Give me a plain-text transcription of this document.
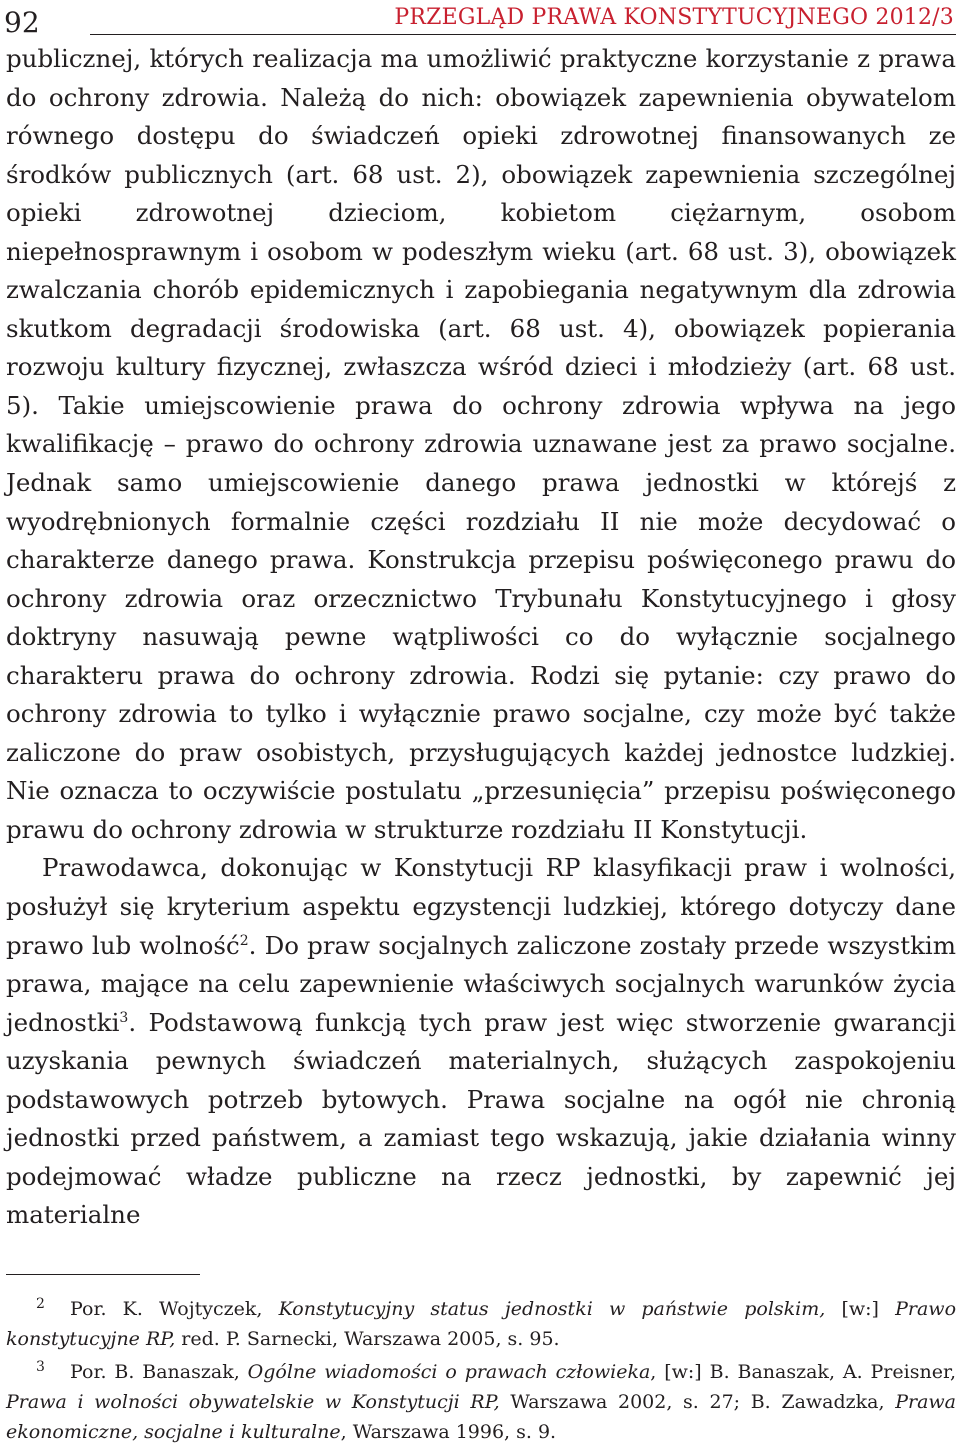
92	PRZEGLĄD PRAWA KONSTYTUCYJNEGO 2012/3

publicznej, których realizacja ma umożliwić praktyczne korzystanie z prawa do ochrony zdrowia. Należą do nich: obowiązek zapewnienia obywatelom równego dostępu do świadczeń opieki zdrowotnej finansowanych ze środków publicznych (art. 68 ust. 2), obowiązek zapewnienia szczególnej opieki zdrowotnej dzieciom, kobietom ciężarnym, osobom niepełnosprawnym i osobom w podeszłym wieku (art. 68 ust. 3), obowiązek zwalczania chorób epidemicznych i zapobiegania negatywnym dla zdrowia skutkom degradacji środowiska (art. 68 ust. 4), obowiązek popierania rozwoju kultury fizycznej, zwłaszcza wśród dzieci i młodzieży (art. 68 ust. 5). Takie umiejscowienie prawa do ochrony zdrowia wpływa na jego kwalifikację – prawo do ochrony zdrowia uznawane jest za prawo socjalne. Jednak samo umiejscowienie danego prawa jednostki w którejś z wyodrębnionych formalnie części rozdziału II nie może decydować o charakterze danego prawa. Konstrukcja przepisu poświęconego prawu do ochrony zdrowia oraz orzecznictwo Trybunału Konstytucyjnego i głosy doktryny nasuwają pewne wątpliwości co do wyłącznie socjalnego charakteru prawa do ochrony zdrowia. Rodzi się pytanie: czy prawo do ochrony zdrowia to tylko i wyłącznie prawo socjalne, czy może być także zaliczone do praw osobistych, przysługujących każdej jednostce ludzkiej. Nie oznacza to oczywiście postulatu „przesunięcia” przepisu poświęconego prawu do ochrony zdrowia w strukturze rozdziału II Konstytucji.

Prawodawca, dokonując w Konstytucji RP klasyfikacji praw i wolności, posłużył się kryterium aspektu egzystencji ludzkiej, którego dotyczy dane prawo lub wolność$^2$. Do praw socjalnych zaliczone zostały przede wszystkim prawa, mające na celu zapewnienie właściwych socjalnych warunków życia jednostki$^3$. Podstawową funkcją tych praw jest więc stworzenie gwarancji uzyskania pewnych świadczeń materialnych, służących zaspokojeniu podstawowych potrzeb bytowych. Prawa socjalne na ogół nie chronią jednostki przed państwem, a zamiast tego wskazują, jakie działania winny podejmować władze publiczne na rzecz jednostki, by zapewnić jej materialne

2 Por. K. Wojtyczek, Konstytucyjny status jednostki w państwie polskim, [w:] Prawo konstytucyjne RP, red. P. Sarnecki, Warszawa 2005, s. 95.

3 Por. B. Banaszak, Ogólne wiadomości o prawach człowieka, [w:] B. Banaszak, A. Preisner, Prawa i wolności obywatelskie w Konstytucji RP, Warszawa 2002, s. 27; B. Zawadzka, Prawa ekonomiczne, socjalne i kulturalne, Warszawa 1996, s. 9.
